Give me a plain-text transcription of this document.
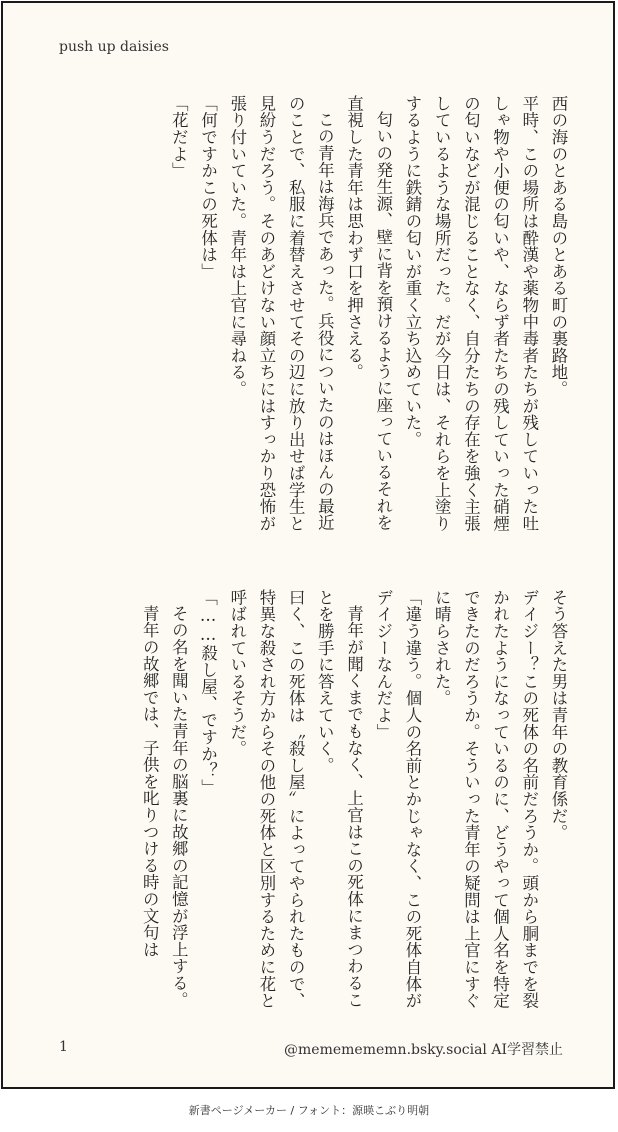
push up daisies

西の海のとある島のとある町の裏路地。

平時、この場所は酔漢や薬物中毒者たちが残していった吐しゃ物や小便の匂いや、ならず者たちの残していった硝煙の匂いなどが混じることなく、自分たちの存在を強く主張しているような場所だった。だが今日は、それらを上塗りするように鉄錆の匂いが重く立ち込めていた。

匂いの発生源、壁に背を預けるように座っているそれを直視した青年は思わず口を押さえる。

この青年は海兵であった。兵役についたのはほんの最近のことで、私服に着替えさせてその辺に放り出せば学生と見紛うだろう。そのあどけない顔立ちにはすっかり恐怖が張り付いていた。青年は上官に尋ねる。

「何ですかこの死体は」

「花だよ」

そう答えた男は青年の教育係だ。

デイジー？この死体の名前だろうか。頭から胴までを裂かれたようになっているのに、どうやって個人名を特定できたのだろうか。そういった青年の疑問は上官にすぐに晴らされた。

「違う違う。個人の名前とかじゃなく、この死体自体がデイジーなんだよ」

青年が聞くまでもなく、上官はこの死体にまつわることを勝手に答えていく。

曰く、この死体は〝殺し屋〟によってやられたもので、特異な殺され方からその他の死体と区別するために花と呼ばれているそうだ。

「……殺し屋、ですか？」

その名を聞いた青年の脳裏に故郷の記憶が浮上する。

青年の故郷では、子供を叱りつける時の文句は

1	@mememememn.bsky.social AI学習禁止
新書ページメーカー / フォント：源暎こぶり明朝
